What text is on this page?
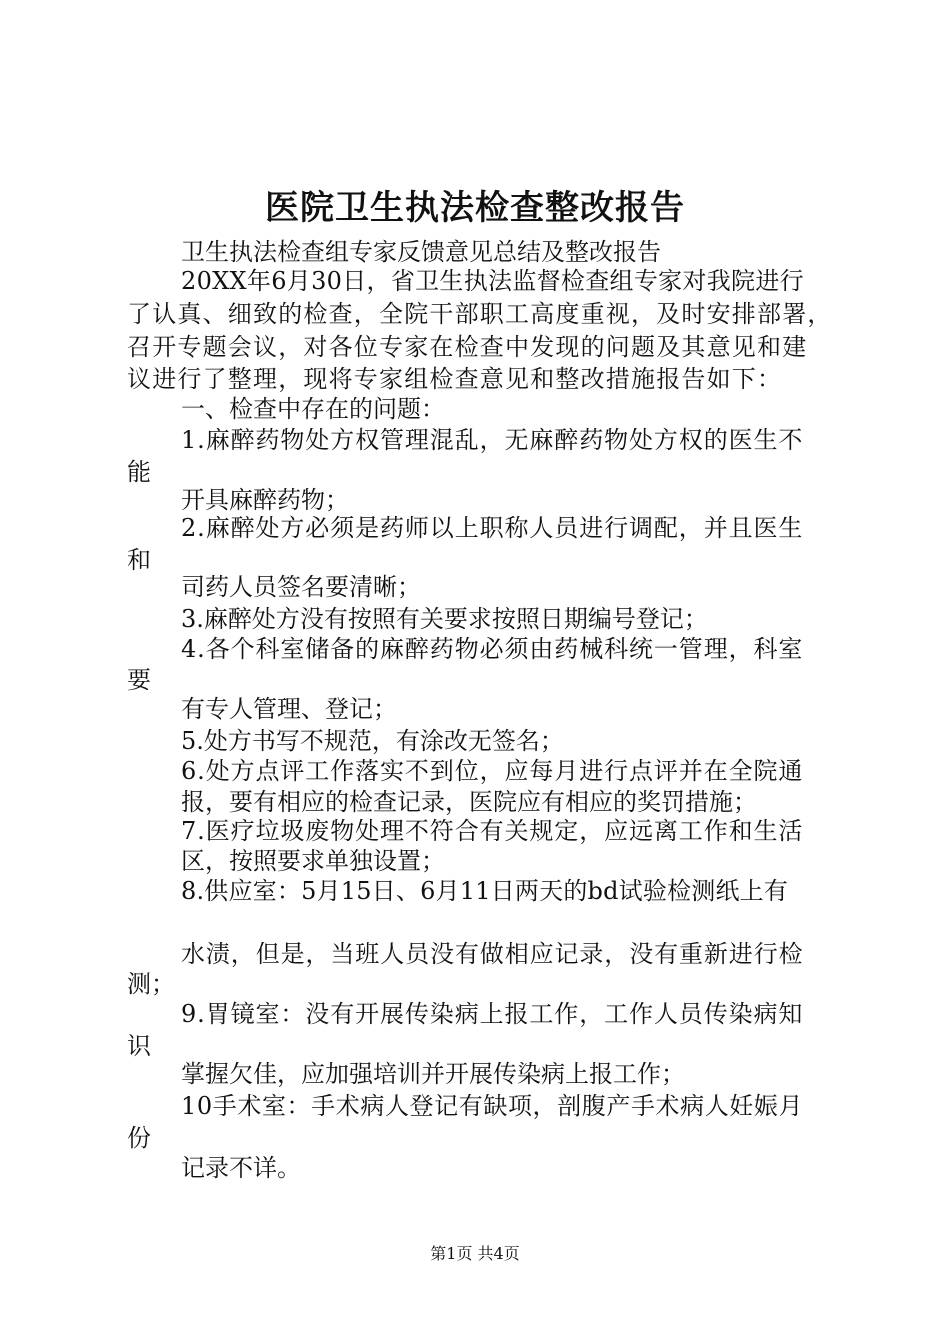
医院卫生执法检查整改报告
卫生执法检查组专家反馈意见总结及整改报告
20XX年6月30日，省卫生执法监督检查组专家对我院进行
了认真、细致的检查，全院干部职工高度重视，及时安排部署，
召开专题会议，对各位专家在检查中发现的问题及其意见和建
议进行了整理，现将专家组检查意见和整改措施报告如下：
一、检查中存在的问题：
1.麻醉药物处方权管理混乱，无麻醉药物处方权的医生不
能
开具麻醉药物；
2.麻醉处方必须是药师以上职称人员进行调配，并且医生
和
司药人员签名要清晰；
3.麻醉处方没有按照有关要求按照日期编号登记；
4.各个科室储备的麻醉药物必须由药械科统一管理，科室
要
有专人管理、登记；
5.处方书写不规范，有涂改无签名；
6.处方点评工作落实不到位，应每月进行点评并在全院通
报，要有相应的检查记录，医院应有相应的奖罚措施；
7.医疗垃圾废物处理不符合有关规定，应远离工作和生活
区，按照要求单独设置；
8.供应室：5月15日、6月11日两天的bd试验检测纸上有
水渍，但是，当班人员没有做相应记录，没有重新进行检
测；
9.胃镜室：没有开展传染病上报工作，工作人员传染病知
识
掌握欠佳，应加强培训并开展传染病上报工作；
10手术室：手术病人登记有缺项，剖腹产手术病人妊娠月
份
记录不详。
第1页 共4页
